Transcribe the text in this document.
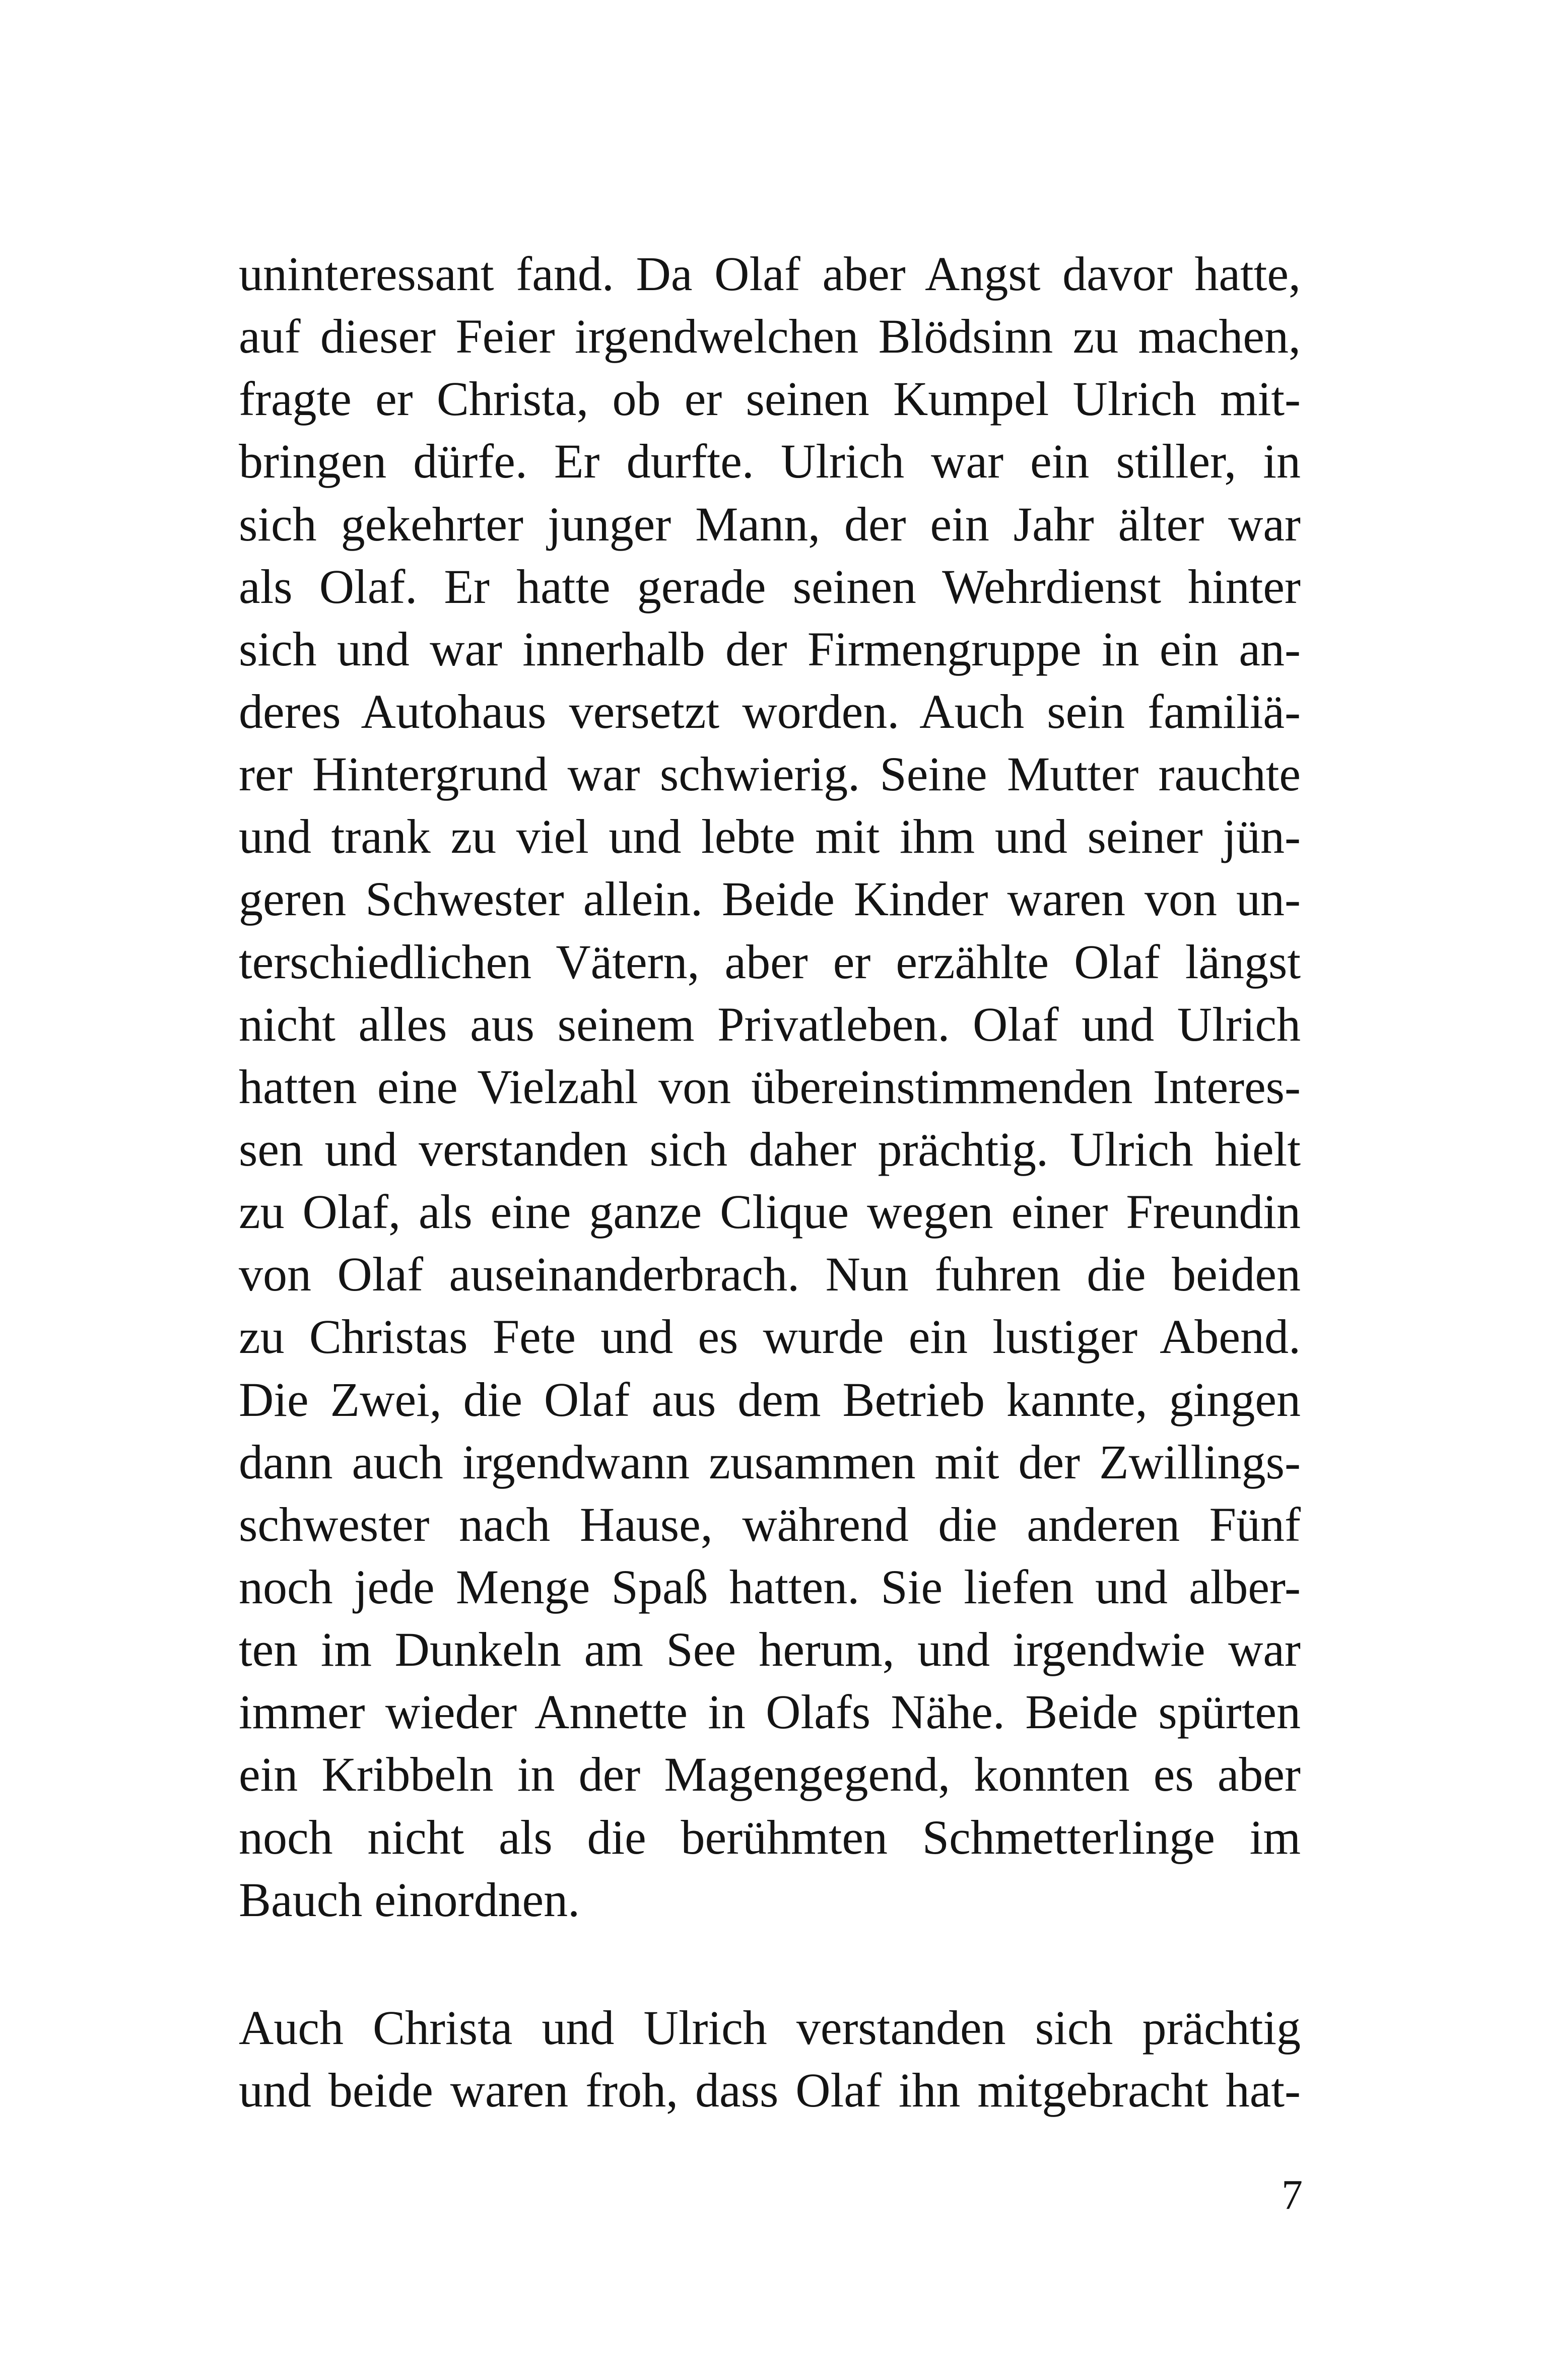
uninteressant fand. Da Olaf aber Angst davor hatte,
auf dieser Feier irgendwelchen Blödsinn zu machen,
fragte er Christa, ob er seinen Kumpel Ulrich mit-
bringen dürfe. Er durfte. Ulrich war ein stiller, in
sich gekehrter junger Mann, der ein Jahr älter war
als Olaf. Er hatte gerade seinen Wehrdienst hinter
sich und war innerhalb der Firmengruppe in ein an-
deres Autohaus versetzt worden. Auch sein familiä-
rer Hintergrund war schwierig. Seine Mutter rauchte
und trank zu viel und lebte mit ihm und seiner jün-
geren Schwester allein. Beide Kinder waren von un-
terschiedlichen Vätern, aber er erzählte Olaf längst
nicht alles aus seinem Privatleben. Olaf und Ulrich
hatten eine Vielzahl von übereinstimmenden Interes-
sen und verstanden sich daher prächtig. Ulrich hielt
zu Olaf, als eine ganze Clique wegen einer Freundin
von Olaf auseinanderbrach. Nun fuhren die beiden
zu Christas Fete und es wurde ein lustiger Abend.
Die Zwei, die Olaf aus dem Betrieb kannte, gingen
dann auch irgendwann zusammen mit der Zwillings-
schwester nach Hause, während die anderen Fünf
noch jede Menge Spaß hatten. Sie liefen und alber-
ten im Dunkeln am See herum, und irgendwie war
immer wieder Annette in Olafs Nähe. Beide spürten
ein Kribbeln in der Magengegend, konnten es aber
noch nicht als die berühmten Schmetterlinge im
Bauch einordnen.
Auch Christa und Ulrich verstanden sich prächtig
und beide waren froh, dass Olaf ihn mitgebracht hat-
7
